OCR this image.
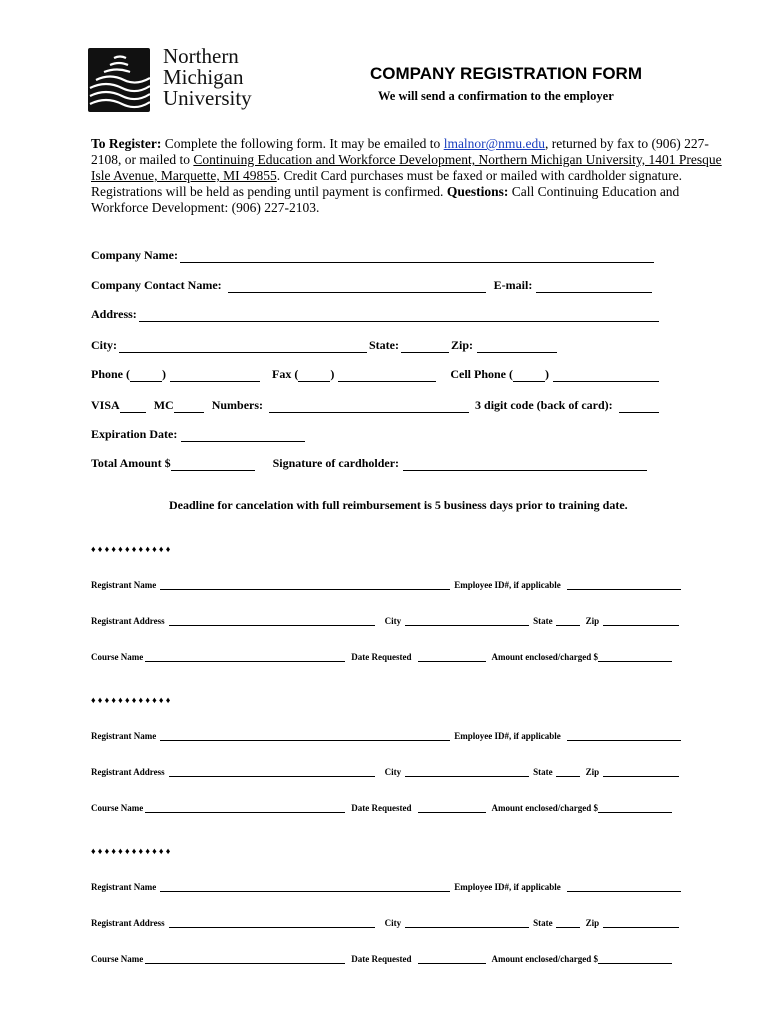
Northern
Michigan
University
COMPANY REGISTRATION FORM
We will send a confirmation to the employer
To Register: Complete the following form. It may be emailed to lmalnor@nmu.edu, returned by fax to (906) 227-2108, or mailed to Continuing Education and Workforce Development, Northern Michigan University, 1401 Presque Isle Avenue, Marquette, MI 49855. Credit Card purchases must be faxed or mailed with cardholder signature. Registrations will be held as pending until payment is confirmed. Questions: Call Continuing Education and Workforce Development: (906) 227-2103.
Company Name:
Company Contact Name:	E-mail:
Address:
City:	State:	Zip:
Phone (	)	Fax (	)	Cell Phone (	)
VISA	MC	Numbers:	3 digit code (back of card):
Expiration Date:
Total Amount $	Signature of cardholder:
Deadline for cancelation with full reimbursement is 5 business days prior to training date.
♦♦♦♦♦♦♦♦♦♦♦♦
Registrant Name	Employee ID#, if applicable
Registrant Address	City	State	Zip
Course Name	Date Requested	Amount enclosed/charged $
♦♦♦♦♦♦♦♦♦♦♦♦
Registrant Name	Employee ID#, if applicable
Registrant Address	City	State	Zip
Course Name	Date Requested	Amount enclosed/charged $
♦♦♦♦♦♦♦♦♦♦♦♦
Registrant Name	Employee ID#, if applicable
Registrant Address	City	State	Zip
Course Name	Date Requested	Amount enclosed/charged $
